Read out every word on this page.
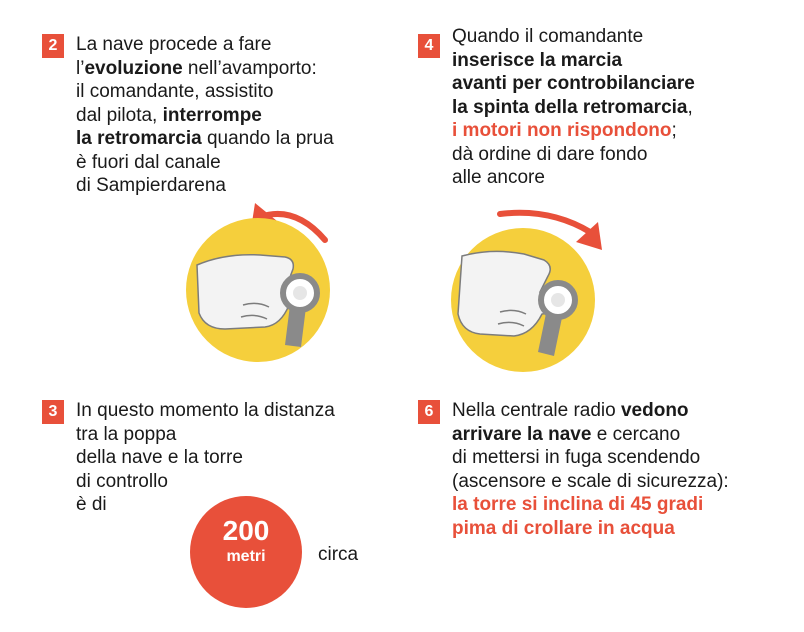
2 La nave procede a fare
l’evoluzione nell’avamporto:
il comandante, assistito
dal pilota, interrompe
la retromarcia quando la prua
è fuori dal canale
di Sampierdarena
4 Quando il comandante
inserisce la marcia
avanti per controbilanciare
la spinta della retromarcia,
i motori non rispondono;
dà ordine di dare fondo
alle ancore
3 In questo momento la distanza
tra la poppa
della nave e la torre
di controllo
è di
200
metri	circa
6 Nella centrale radio vedono
arrivare la nave e cercano
di mettersi in fuga scendendo
(ascensore e scale di sicurezza):
la torre si inclina di 45 gradi
pima di crollare in acqua
